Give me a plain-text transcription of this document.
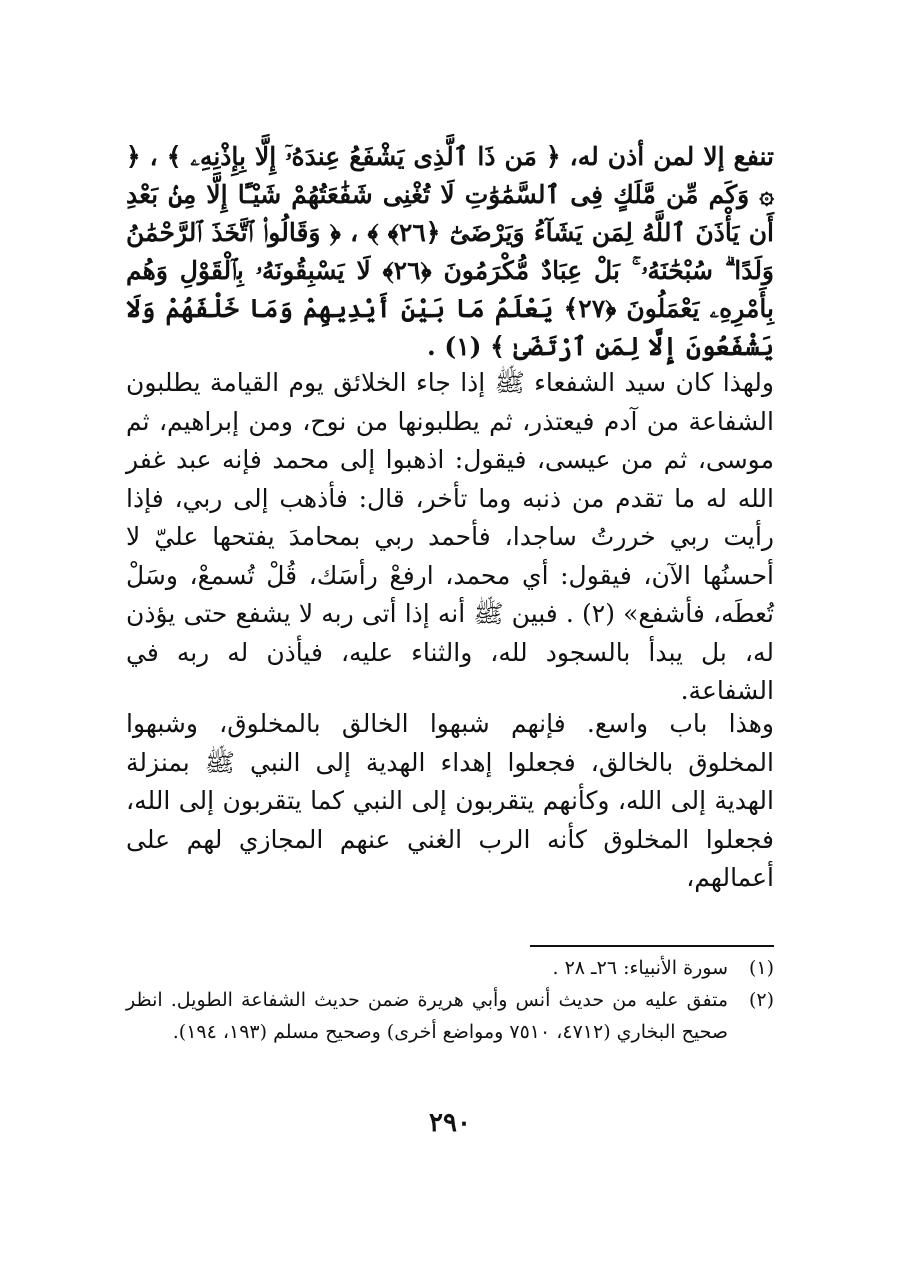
تنفع إلا لمن أذن له، ﴿ مَن ذَا ٱلَّذِى يَشْفَعُ عِندَهُۥٓ إِلَّا بِإِذْنِهِۦ ﴾ ، ﴿ ۞ وَكَم مِّن مَّلَكٍ فِى ٱلسَّمَٰوَٰتِ لَا تُغْنِى شَفَٰعَتُهُمْ شَيْـًٔا إِلَّا مِنۢ بَعْدِ أَن يَأْذَنَ ٱللَّهُ لِمَن يَشَآءُ وَيَرْضَىٰٓ ﴿٢٦﴾ ﴾ ، ﴿ وَقَالُوا۟ ٱتَّخَذَ ٱلرَّحْمَٰنُ وَلَدًا ۗ سُبْحَٰنَهُۥ ۚ بَلْ عِبَادٌ مُّكْرَمُونَ ﴿٢٦﴾ لَا يَسْبِقُونَهُۥ بِٱلْقَوْلِ وَهُم بِأَمْرِهِۦ يَعْمَلُونَ ﴿٢٧﴾ يَعْلَمُ مَا بَيْنَ أَيْدِيهِمْ وَمَا خَلْفَهُمْ وَلَا يَشْفَعُونَ إِلَّا لِمَنِ ٱرْتَضَىٰ ﴾ (١) .

ولهذا كان سيد الشفعاء ﷺ إذا جاء الخلائق يوم القيامة يطلبون الشفاعة من آدم فيعتذر، ثم يطلبونها من نوح، ومن إبراهيم، ثم موسى، ثم من عيسى، فيقول: اذهبوا إلى محمد فإنه عبد غفر الله له ما تقدم من ذنبه وما تأخر، قال: فأذهب إلى ربي، فإذا رأيت ربي خررتُ ساجدا، فأحمد ربي بمحامدَ يفتحها عليّ لا أحسنُها الآن، فيقول: أي محمد، ارفعْ رأسَك، قُلْ تُسمعْ، وسَلْ تُعطَه، فأشفع» (٢) . فبين ﷺ أنه إذا أتى ربه لا يشفع حتى يؤذن له، بل يبدأ بالسجود لله، والثناء عليه، فيأذن له ربه في الشفاعة.

وهذا باب واسع. فإنهم شبهوا الخالق بالمخلوق، وشبهوا المخلوق بالخالق، فجعلوا إهداء الهدية إلى النبي ﷺ بمنزلة الهدية إلى الله، وكأنهم يتقربون إلى النبي كما يتقربون إلى الله، فجعلوا المخلوق كأنه الرب الغني عنهم المجازي لهم على أعمالهم،

(١)
سورة الأنبياء: ٢٦ـ ٢٨ .
(٢)
متفق عليه من حديث أنس وأبي هريرة ضمن حديث الشفاعة الطويل. انظر صحيح البخاري (٤٧١٢، ٧٥١٠ ومواضع أخرى) وصحيح مسلم (١٩٣، ١٩٤).
٢٩٠
